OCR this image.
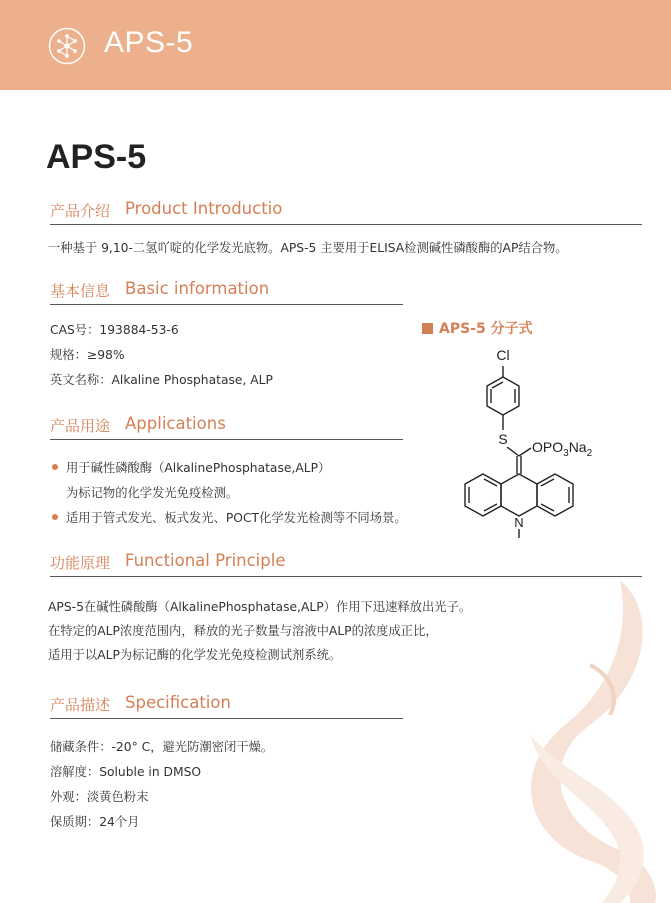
APS-5
APS-5
产品介绍 Product Introductio
一种基于 9,10-二氢吖啶的化学发光底物。APS-5 主要用于ELISA检测碱性磷酸酶的AP结合物。
基本信息 Basic information
CAS号：193884-53-6
规格：≥98%
英文名称：Alkaline Phosphatase, ALP
产品用途 Applications
用于碱性磷酸酶（AlkalinePhosphatase,ALP）
为标记物的化学发光免疫检测。
适用于管式发光、板式发光、POCT化学发光检测等不同场景。
功能原理 Functional Principle
APS-5在碱性磷酸酶（AlkalinePhosphatase,ALP）作用下迅速释放出光子。
在特定的ALP浓度范围内，释放的光子数量与溶液中ALP的浓度成正比，
适用于以ALP为标记酶的化学发光免疫检测试剂系统。
产品描述 Specification
储藏条件：-20° C，避光防潮密闭干燥。
溶解度：Soluble in DMSO
外观：淡黄色粉末
保质期：24个月
APS-5 分子式
Cl
S
N
$OPO_3Na_2$
